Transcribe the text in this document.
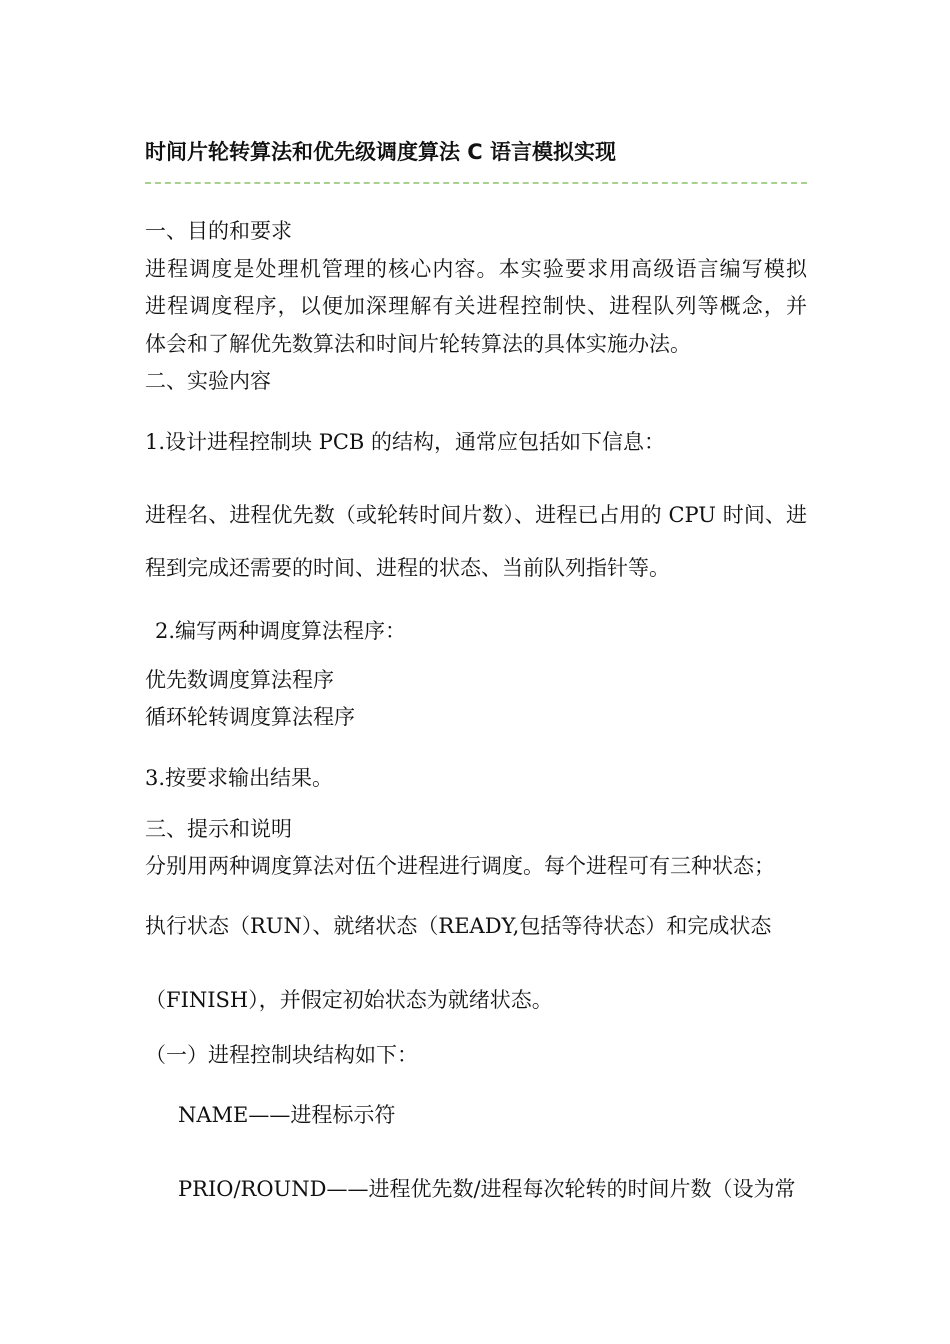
时间片轮转算法和优先级调度算法 C 语言模拟实现
一、目的和要求
进程调度是处理机管理的核心内容。本实验要求用高级语言编写模拟
进程调度程序，以便加深理解有关进程控制快、进程队列等概念，并
体会和了解优先数算法和时间片轮转算法的具体实施办法。
二、实验内容
1.设计进程控制块 PCB 的结构，通常应包括如下信息：
进程名、进程优先数（或轮转时间片数）、进程已占用的 CPU 时间、进
程到完成还需要的时间、进程的状态、当前队列指针等。
2.编写两种调度算法程序：
优先数调度算法程序
循环轮转调度算法程序
3.按要求输出结果。
三、提示和说明
分别用两种调度算法对伍个进程进行调度。每个进程可有三种状态；
执行状态（RUN）、就绪状态（READY,包括等待状态）和完成状态
（FINISH），并假定初始状态为就绪状态。
（一）进程控制块结构如下：
NAME——进程标示符
PRIO/ROUND——进程优先数/进程每次轮转的时间片数（设为常
